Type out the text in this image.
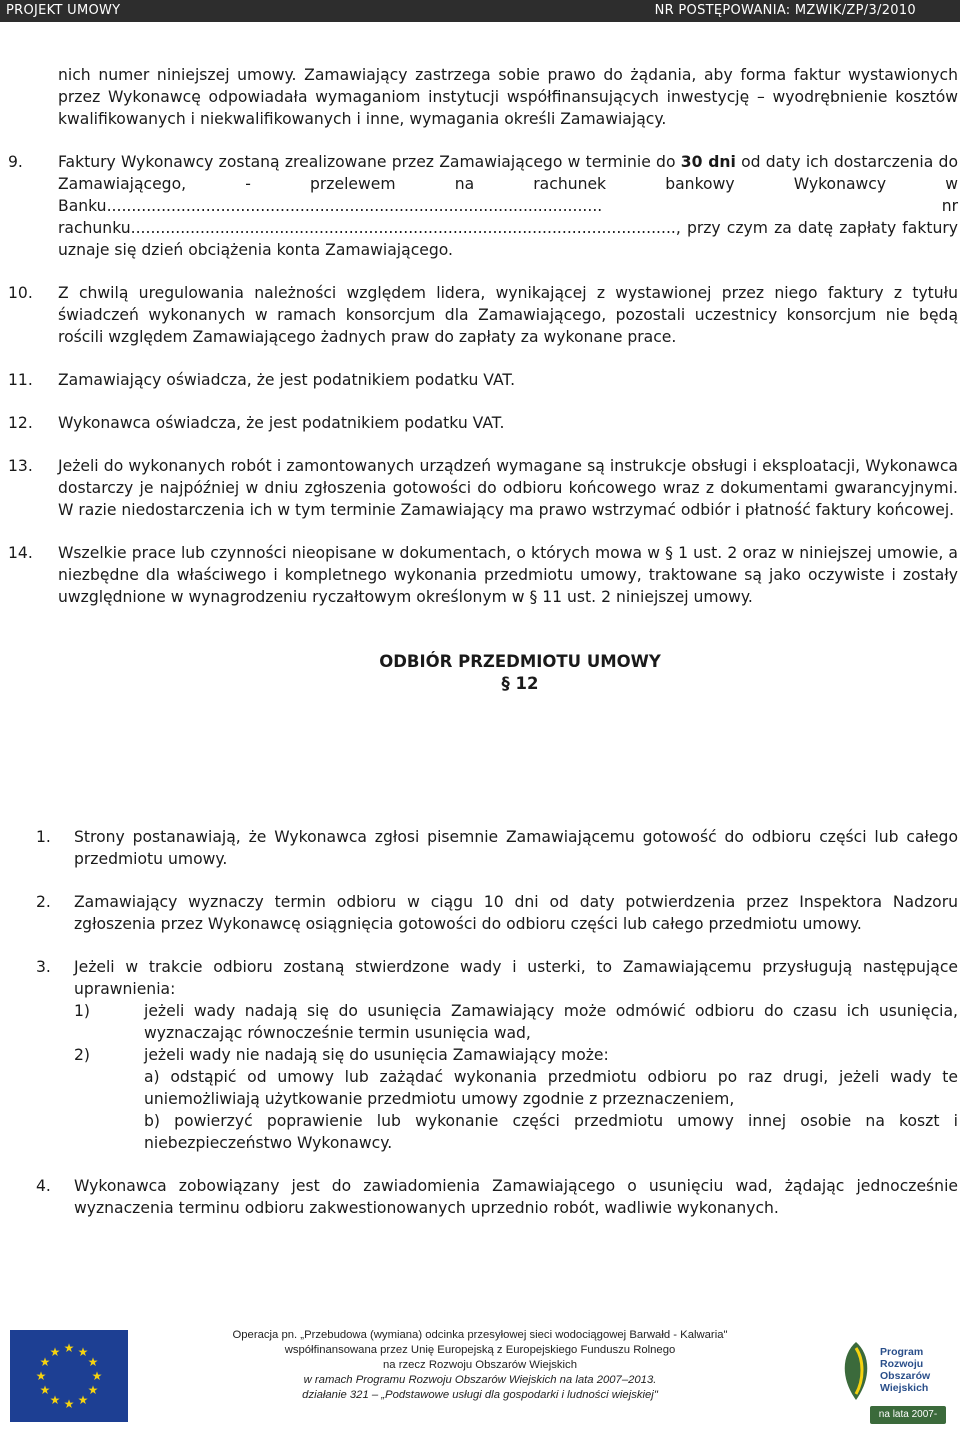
PROJEKT UMOWY	NR POSTĘPOWANIA: MZWIK/ZP/3/2010

nich numer niniejszej umowy. Zamawiający zastrzega sobie prawo do żądania, aby forma faktur wystawionych przez Wykonawcę odpowiadała wymaganiom instytucji współfinansujących inwestycję – wyodrębnienie kosztów kwalifikowanych i niekwalifikowanych i inne, wymagania określi Zamawiający.

9.	Faktury Wykonawcy zostaną zrealizowane przez Zamawiającego w terminie do 30 dni od daty ich dostarczenia do Zamawiającego, - przelewem na rachunek bankowy Wykonawcy w Banku.................................................................................................... nr rachunku.............................................................................................................., przy czym za datę zapłaty faktury uznaje się dzień obciążenia konta Zamawiającego.
10.	Z chwilą uregulowania należności względem lidera, wynikającej z wystawionej przez niego faktury z tytułu świadczeń wykonanych w ramach konsorcjum dla Zamawiającego, pozostali uczestnicy konsorcjum nie będą rościli względem Zamawiającego żadnych praw do zapłaty za wykonane prace.
11.	Zamawiający oświadcza, że jest podatnikiem podatku VAT.
12.	Wykonawca oświadcza, że jest podatnikiem podatku VAT.
13.	Jeżeli do wykonanych robót i zamontowanych urządzeń wymagane są instrukcje obsługi i eksploatacji, Wykonawca dostarczy je najpóźniej w dniu zgłoszenia gotowości do odbioru końcowego wraz z dokumentami gwarancyjnymi. W razie niedostarczenia ich w tym terminie Zamawiający ma prawo wstrzymać odbiór i płatność faktury końcowej.
14.	Wszelkie prace lub czynności nieopisane w dokumentach, o których mowa w § 1 ust. 2 oraz w niniejszej umowie, a niezbędne dla właściwego i kompletnego wykonania przedmiotu umowy, traktowane są jako oczywiste i zostały uwzględnione w wynagrodzeniu ryczałtowym określonym w § 11 ust. 2 niniejszej umowy.
ODBIÓR PRZEDMIOTU UMOWY
§ 12
1.	Strony postanawiają, że Wykonawca zgłosi pisemnie Zamawiającemu gotowość do odbioru części lub całego przedmiotu umowy.
2.	Zamawiający wyznaczy termin odbioru w ciągu 10 dni od daty potwierdzenia przez Inspektora Nadzoru zgłoszenia przez Wykonawcę osiągnięcia gotowości do odbioru części lub całego przedmiotu umowy.
3.	Jeżeli w trakcie odbioru zostaną stwierdzone wady i usterki, to Zamawiającemu przysługują następujące uprawnienia:
1)	jeżeli wady nadają się do usunięcia Zamawiający może odmówić odbioru do czasu ich usunięcia, wyznaczając równocześnie termin usunięcia wad,
2)	jeżeli wady nie nadają się do usunięcia Zamawiający może:
a) odstąpić od umowy lub zażądać wykonania przedmiotu odbioru po raz drugi, jeżeli wady te uniemożliwiają użytkowanie przedmiotu umowy zgodnie z przeznaczeniem,
b) powierzyć poprawienie lub wykonanie części przedmiotu umowy innej osobie na koszt i niebezpieczeństwo Wykonawcy.
4.	Wykonawca zobowiązany jest do zawiadomienia Zamawiającego o usunięciu wad, żądając jednocześnie wyznaczenia terminu odbioru zakwestionowanych uprzednio robót, wadliwie wykonanych.
★ ★
★
★
★
★
★
★
★
★
★
★
Operacja pn. „Przebudowa (wymiana) odcinka przesyłowej sieci wodociągowej Barwałd - Kalwaria"
współfinansowana przez Unię Europejską z Europejskiego Funduszu Rolnego
na rzecz Rozwoju Obszarów Wiejskich
w ramach Programu Rozwoju Obszarów Wiejskich na lata 2007–2013.
działanie 321 – „Podstawowe usługi dla gospodarki i ludności wiejskiej"
Program
Rozwoju
Obszarów
Wiejskich
na lata 2007-2013
